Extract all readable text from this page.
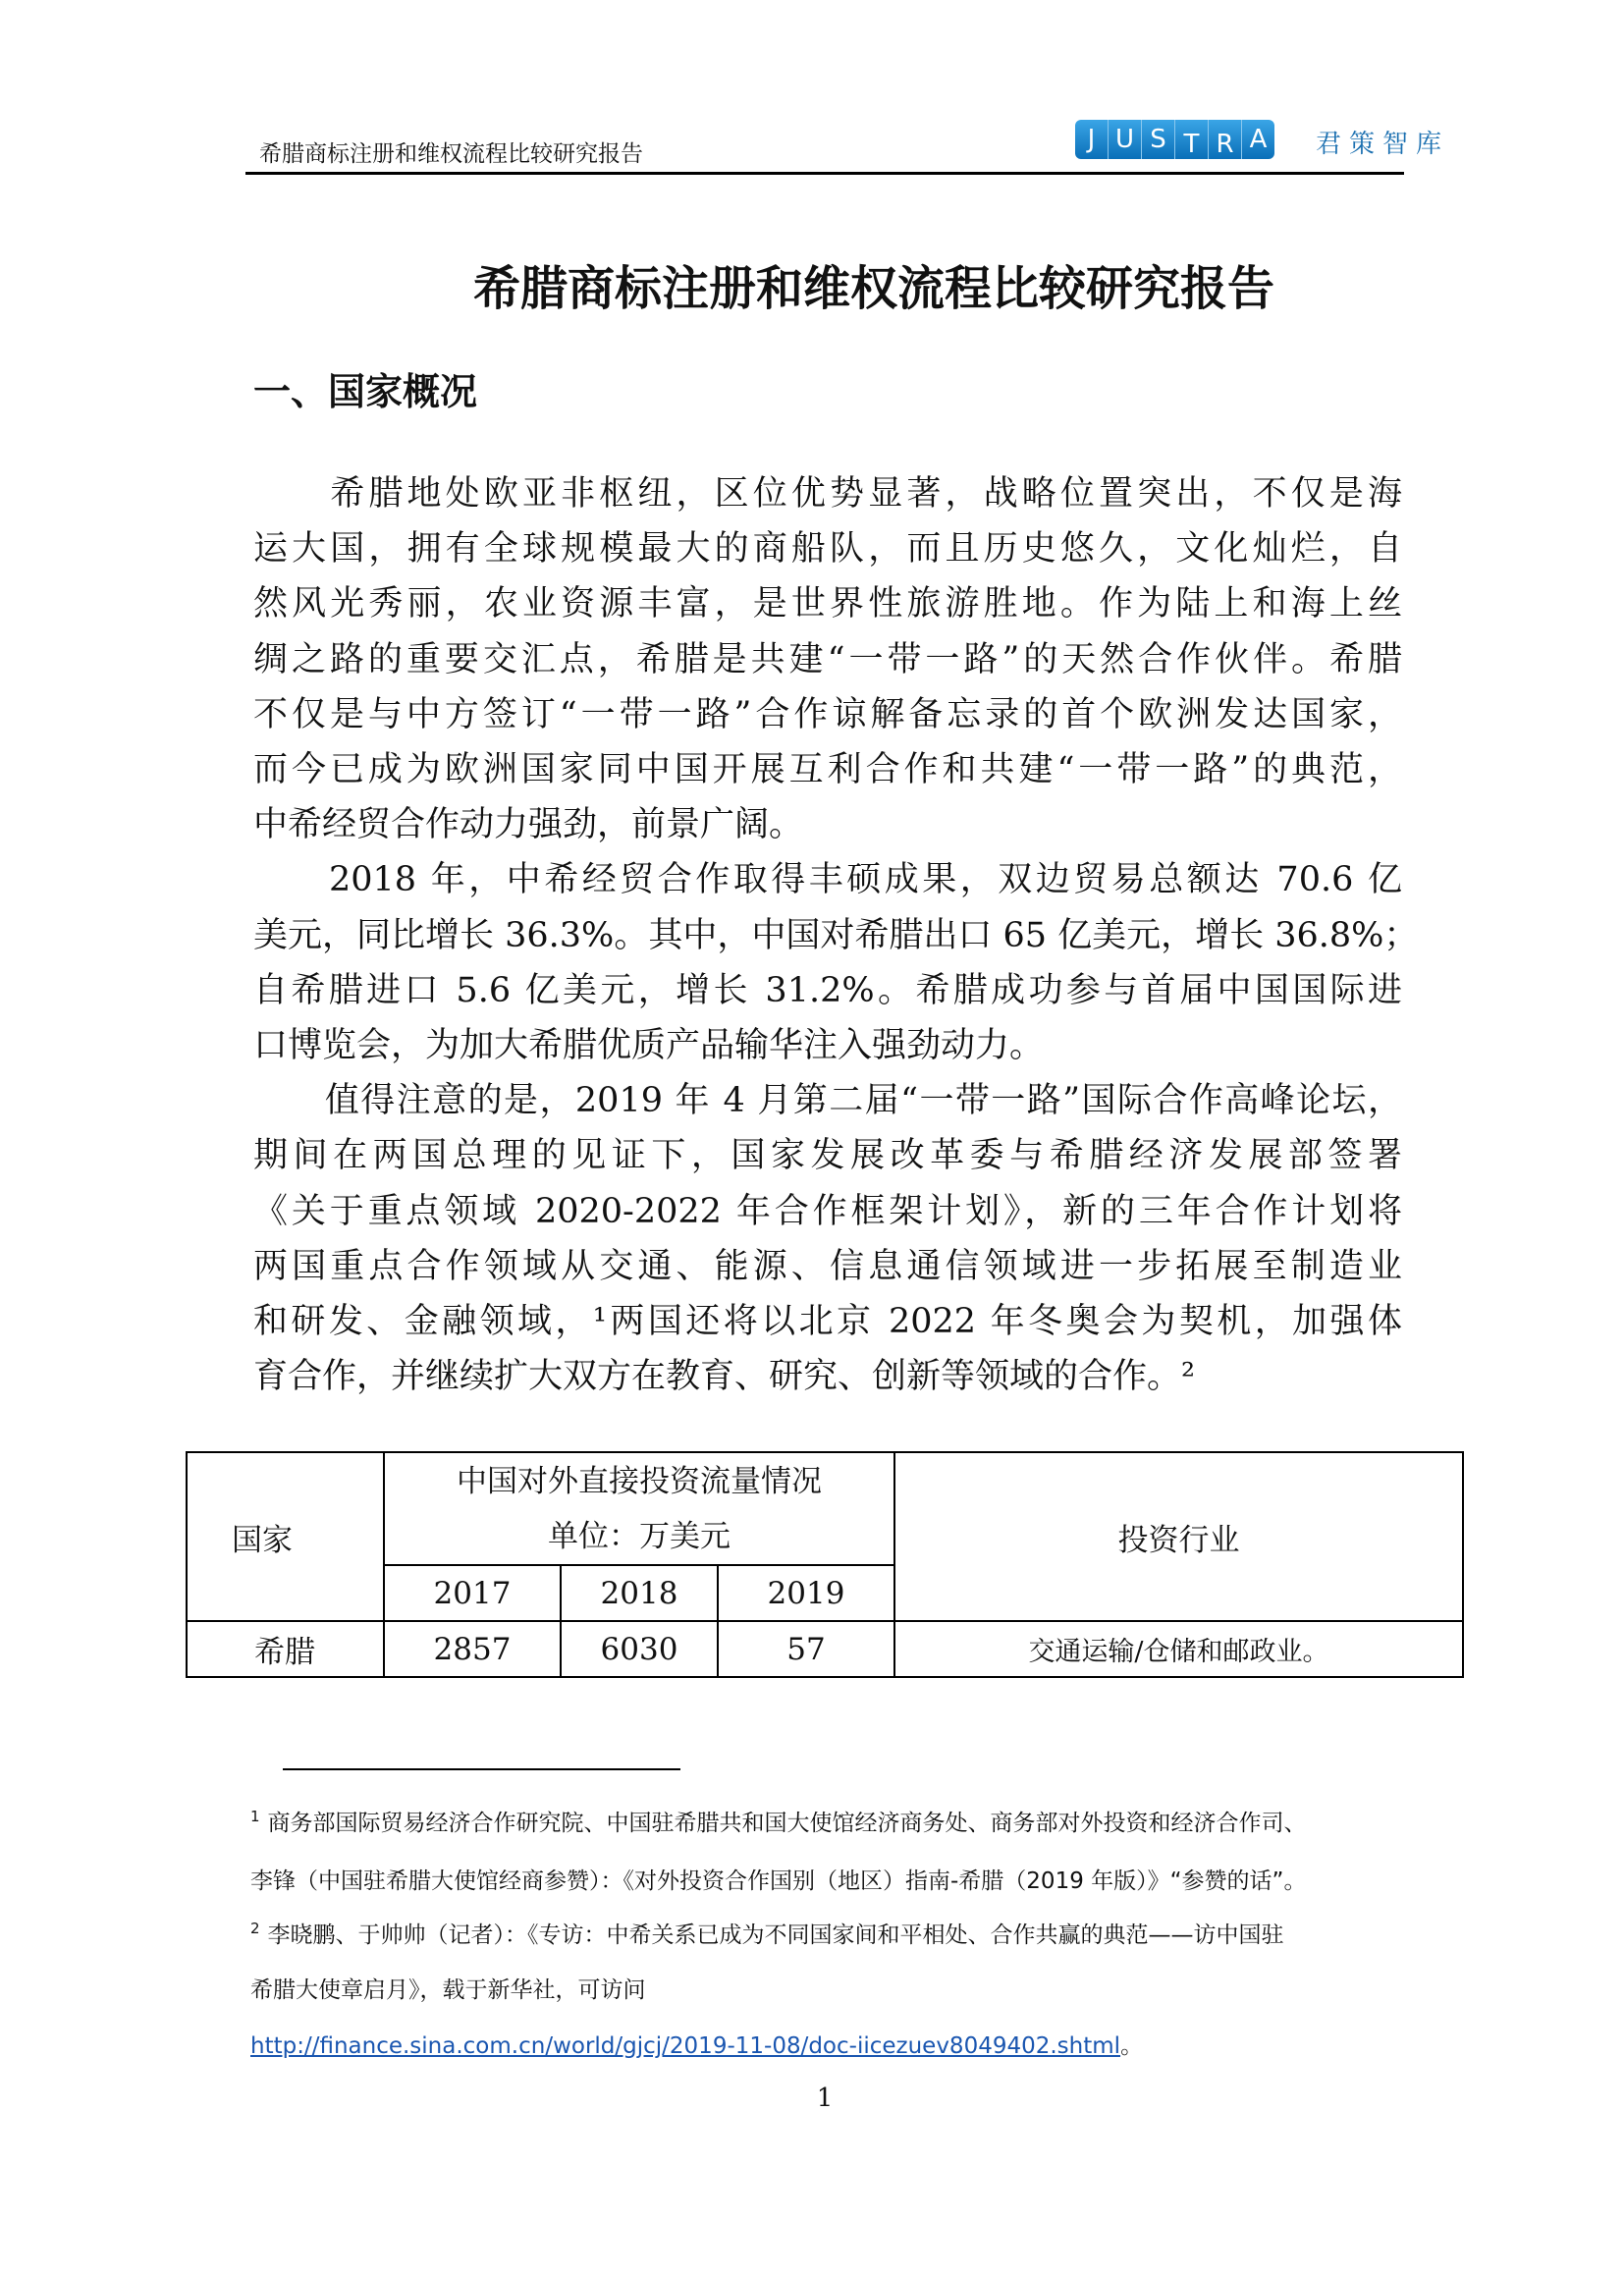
希腊商标注册和维权流程比较研究报告	J U S T R A 君策智库
希腊商标注册和维权流程比较研究报告
一、国家概况
　　希腊地处欧亚非枢纽，区位优势显著，战略位置突出，不仅是海
运大国，拥有全球规模最大的商船队，而且历史悠久，文化灿烂，自
然风光秀丽，农业资源丰富，是世界性旅游胜地。作为陆上和海上丝
绸之路的重要交汇点，希腊是共建“一带一路”的天然合作伙伴。希腊
不仅是与中方签订“一带一路”合作谅解备忘录的首个欧洲发达国家，
而今已成为欧洲国家同中国开展互利合作和共建“一带一路”的典范，
中希经贸合作动力强劲，前景广阔。
　　2018 年，中希经贸合作取得丰硕成果，双边贸易总额达 70.6 亿
美元，同比增长 36.3%。其中，中国对希腊出口 65 亿美元，增长 36.8%；
自希腊进口 5.6 亿美元，增长 31.2%。希腊成功参与首届中国国际进
口博览会，为加大希腊优质产品输华注入强劲动力。
　　值得注意的是，2019 年 4 月第二届“一带一路”国际合作高峰论坛，
期间在两国总理的见证下，国家发展改革委与希腊经济发展部签署
《关于重点领域 2020-2022 年合作框架计划》，新的三年合作计划将
两国重点合作领域从交通、能源、信息通信领域进一步拓展至制造业
和研发、金融领域，¹两国还将以北京 2022 年冬奥会为契机，加强体
育合作，并继续扩大双方在教育、研究、创新等领域的合作。²
国家	中国对外直接投资流量情况
单位：万美元			投资行业
	2017	2018	2019	
希腊	2857	6030	57	交通运输/仓储和邮政业。
$^1$ 商务部国际贸易经济合作研究院、中国驻希腊共和国大使馆经济商务处、商务部对外投资和经济合作司、
李锋（中国驻希腊大使馆经商参赞）：《对外投资合作国别（地区）指南-希腊（2019 年版）》“参赞的话”。
$^2$ 李晓鹏、于帅帅（记者）：《专访：中希关系已成为不同国家间和平相处、合作共赢的典范——访中国驻
希腊大使章启月》，载于新华社，可访问
http://finance.sina.com.cn/world/gjcj/2019-11-08/doc-iicezuev8049402.shtml。
1
